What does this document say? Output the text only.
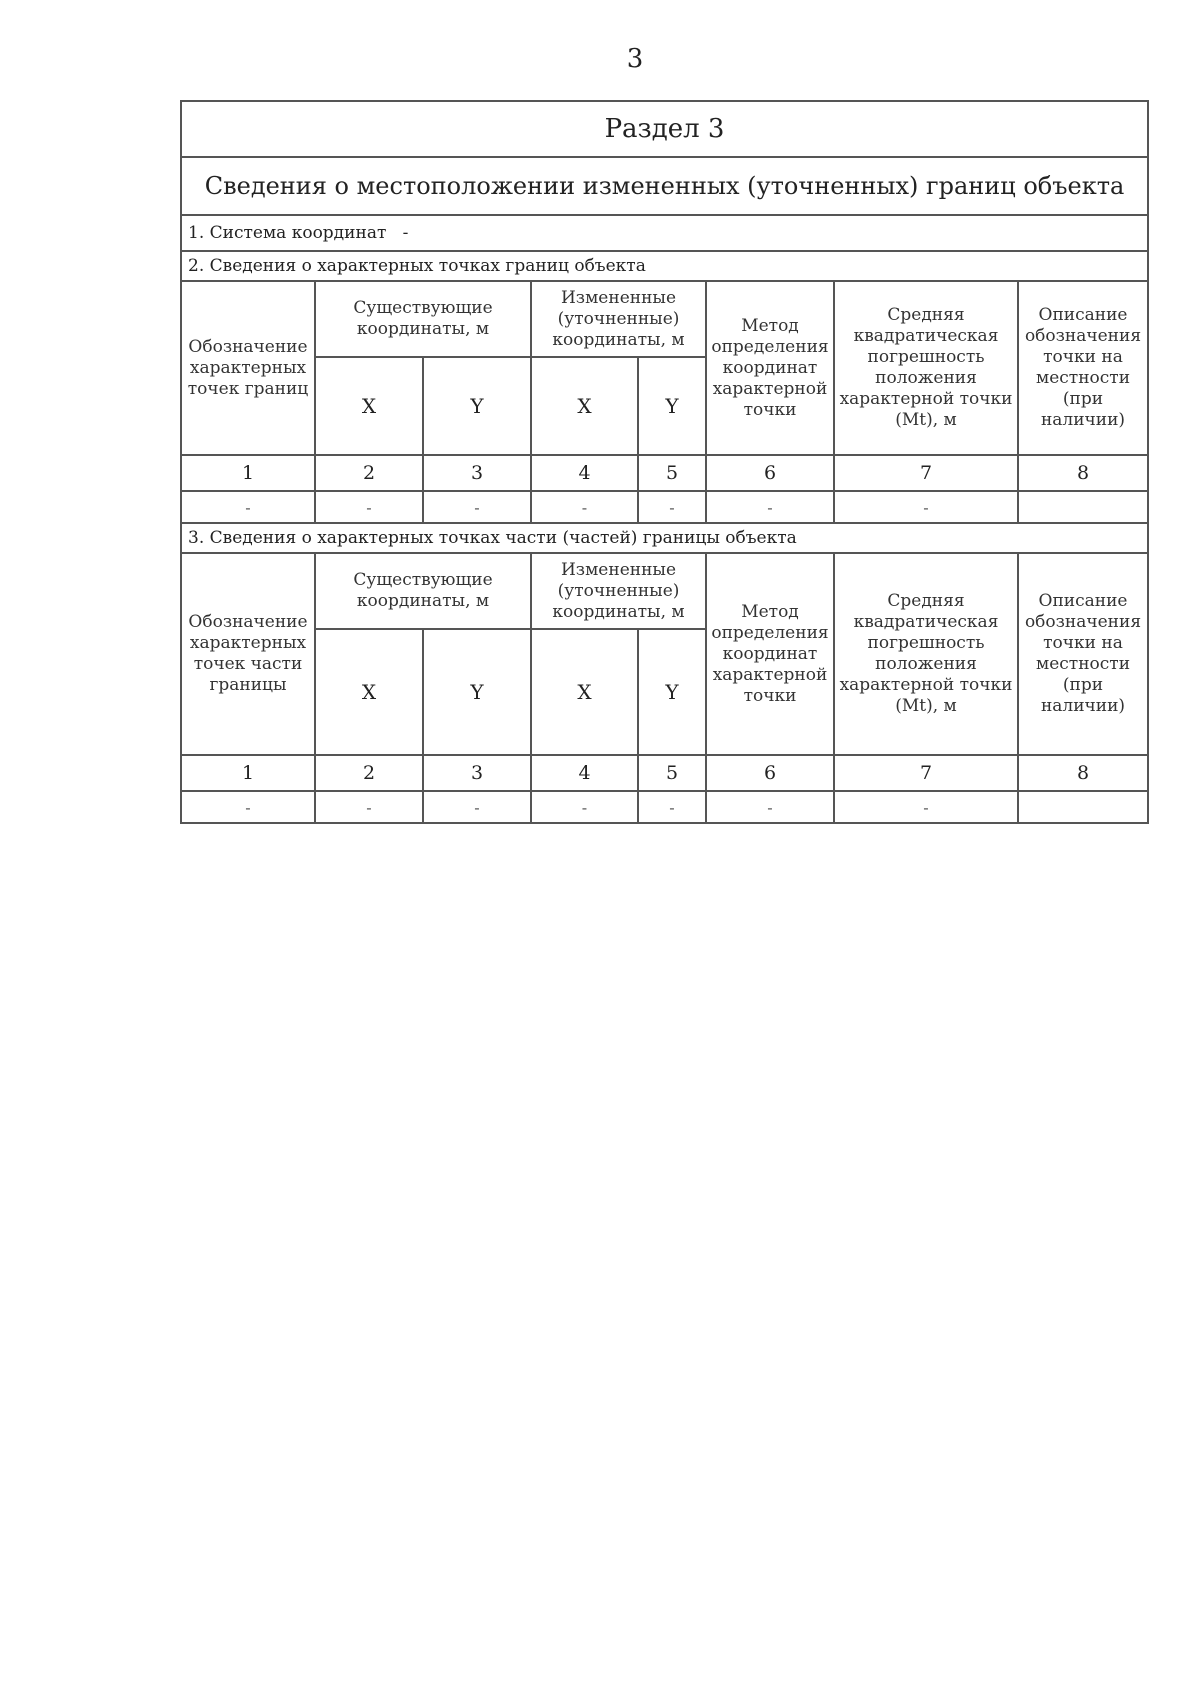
3
Раздел 3							
Сведения о местоположении измененных (уточненных) границ объекта							
1. Система координат -							
2. Сведения о характерных точках границ объекта							
Обозначение характерных точек границ	Существующие координаты, м		Измененные (уточненные) координаты, м		Метод определения координат характерной точки	Средняя квадратическая погрешность положения характерной точки (Mt), м	Описание обозначения точки на местности (при наличии)
	X	Y	X	Y			
1	2	3	4	5	6	7	8
-	-	-	-	-	-	-	
3. Сведения о характерных точках части (частей) границы объекта							
Обозначение характерных точек части границы	Существующие координаты, м		Измененные (уточненные) координаты, м		Метод определения координат характерной точки	Средняя квадратическая погрешность положения характерной точки (Mt), м	Описание обозначения точки на местности (при наличии)
	X	Y	X	Y			
1	2	3	4	5	6	7	8
-	-	-	-	-	-	-	
